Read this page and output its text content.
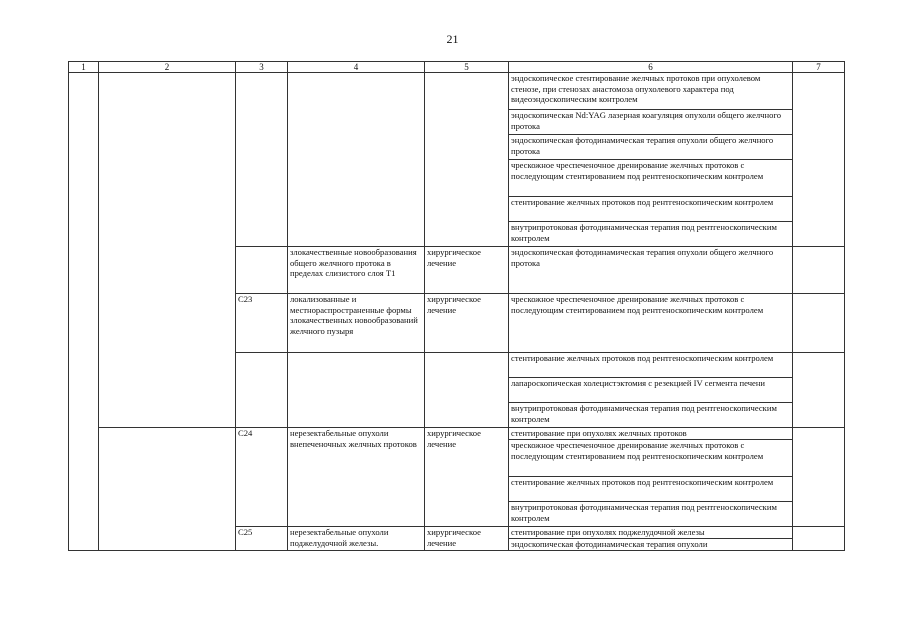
21
1	2	3	4	5	6	7
					эндоскопическое стентирование желчных протоков при опухолевом стенозе, при стенозах анастомоза опухолевого характера под видеоэндоскопическим контролем	
					эндоскопическая Nd:YAG лазерная коагуляция опухоли общего желчного протока	
					эндоскопическая фотодинамическая терапия опухоли общего желчного протока	
					чрескожное чреспеченочное дренирование желчных протоков с последующим стентированием под рентгеноскопическим контролем	
					стентирование желчных протоков под рентгеноскопическим контролем	
					внутрипротоковая фотодинамическая терапия под рентгеноскопическим контролем	
			злокачественные новообразования общего желчного протока в пределах слизистого слоя T1	хирургическое лечение	эндоскопическая фотодинамическая терапия опухоли общего желчного протока	
		C23	локализованные и местнораспространенные формы злокачественных новообразований желчного пузыря	хирургическое лечение	чрескожное чреспеченочное дренирование желчных протоков с последующим стентированием под рентгеноскопическим контролем	
					стентирование желчных протоков под рентгеноскопическим контролем	
					лапароскопическая холецистэктомия с резекцией IV сегмента печени	
					внутрипротоковая фотодинамическая терапия под рентгеноскопическим контролем	
		C24	нерезектабельные опухоли внепеченочных желчных протоков	хирургическое лечение	стентирование при опухолях желчных протоков	
					чрескожное чреспеченочное дренирование желчных протоков с последующим стентированием под рентгеноскопическим контролем	
					стентирование желчных протоков под рентгеноскопическим контролем	
					внутрипротоковая фотодинамическая терапия под рентгеноскопическим контролем	
		C25	нерезектабельные опухоли поджелудочной железы.	хирургическое лечение	стентирование при опухолях поджелудочной железы	
					эндоскопическая фотодинамическая терапия опухоли	
